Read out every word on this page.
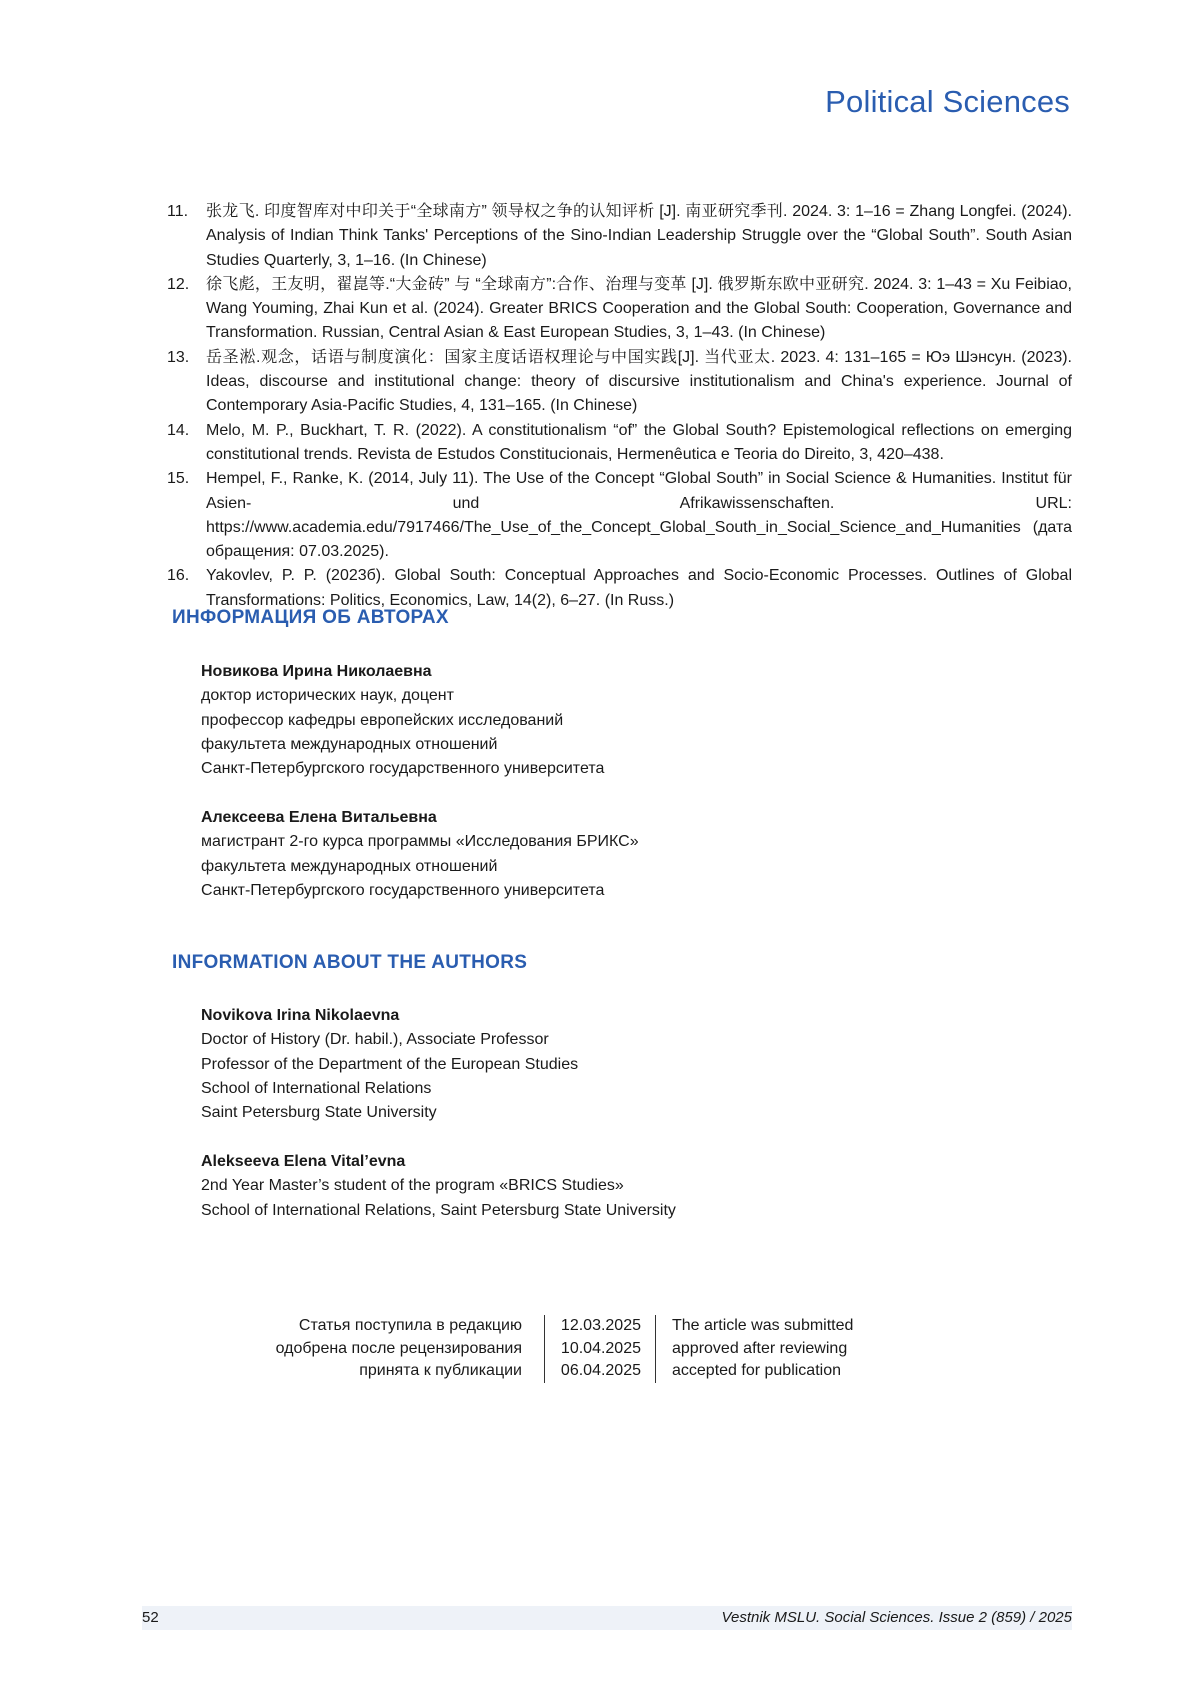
Political Sciences
11. 张龙飞. 印度智库对中印关于“全球南方” 领导权之争的认知评析 [J]. 南亚研究季刊. 2024. 3: 1–16 = Zhang Longfei. (2024). Analysis of Indian Think Tanks' Perceptions of the Sino-Indian Leadership Struggle over the “Global South”. South Asian Studies Quarterly, 3, 1–16. (In Chinese)
12. 徐飞彪，王友明，翟崑等.“大金砖” 与 “全球南方”:合作、治理与变革 [J]. 俄罗斯东欧中亚研究. 2024. 3: 1–43 = Xu Feibiao, Wang Youming, Zhai Kun et al. (2024). Greater BRICS Cooperation and the Global South: Cooperation, Governance and Transformation. Russian, Central Asian & East European Studies, 3, 1–43. (In Chinese)
13. 岳圣淞.观念，话语与制度演化：国家主度话语权理论与中国实践[J]. 当代亚太. 2023. 4: 131–165 = Юэ Шэнсун. (2023). Ideas, discourse and institutional change: theory of discursive institutionalism and China's experience. Journal of Contemporary Asia-Pacific Studies, 4, 131–165. (In Chinese)
14. Melo, M. P., Buckhart, T. R. (2022). A constitutionalism “of” the Global South? Epistemological reflections on emerging constitutional trends. Revista de Estudos Constitucionais, Hermenêutica e Teoria do Direito, 3, 420–438.
15. Hempel, F., Ranke, K. (2014, July 11). The Use of the Concept “Global South” in Social Science & Humanities. Institut für Asien- und Afrikawissenschaften. URL: https://www.academia.edu/7917466/The_Use_of_the_Concept_Global_South_in_Social_Science_and_Humanities (дата обращения: 07.03.2025).
16. Yakovlev, P. P. (2023б). Global South: Conceptual Approaches and Socio-Economic Processes. Outlines of Global Transformations: Politics, Economics, Law, 14(2), 6–27. (In Russ.)
ИНФОРМАЦИЯ ОБ АВТОРАХ
Новикова Ирина Николаевна
доктор исторических наук, доцент
профессор кафедры европейских исследований
факультета международных отношений
Санкт-Петербургского государственного университета
Алексеева Елена Витальевна
магистрант 2-го курса программы «Исследования БРИКС»
факультета международных отношений
Санкт-Петербургского государственного университета
INFORMATION ABOUT THE AUTHORS
Novikova Irina Nikolaevna
Doctor of History (Dr. habil.), Associate Professor
Professor of the Department of the European Studies
School of International Relations
Saint Petersburg State University
Alekseeva Elena Vital’evna
2nd Year Master’s student of the program «BRICS Studies»
School of International Relations, Saint Petersburg State University
Статья поступила в редакцию
одобрена после рецензирования
принята к публикации
12.03.2025
10.04.2025
06.04.2025
The article was submitted
approved after reviewing
accepted for publication
52	Vestnik MSLU. Social Sciences. Issue 2 (859) / 2025
